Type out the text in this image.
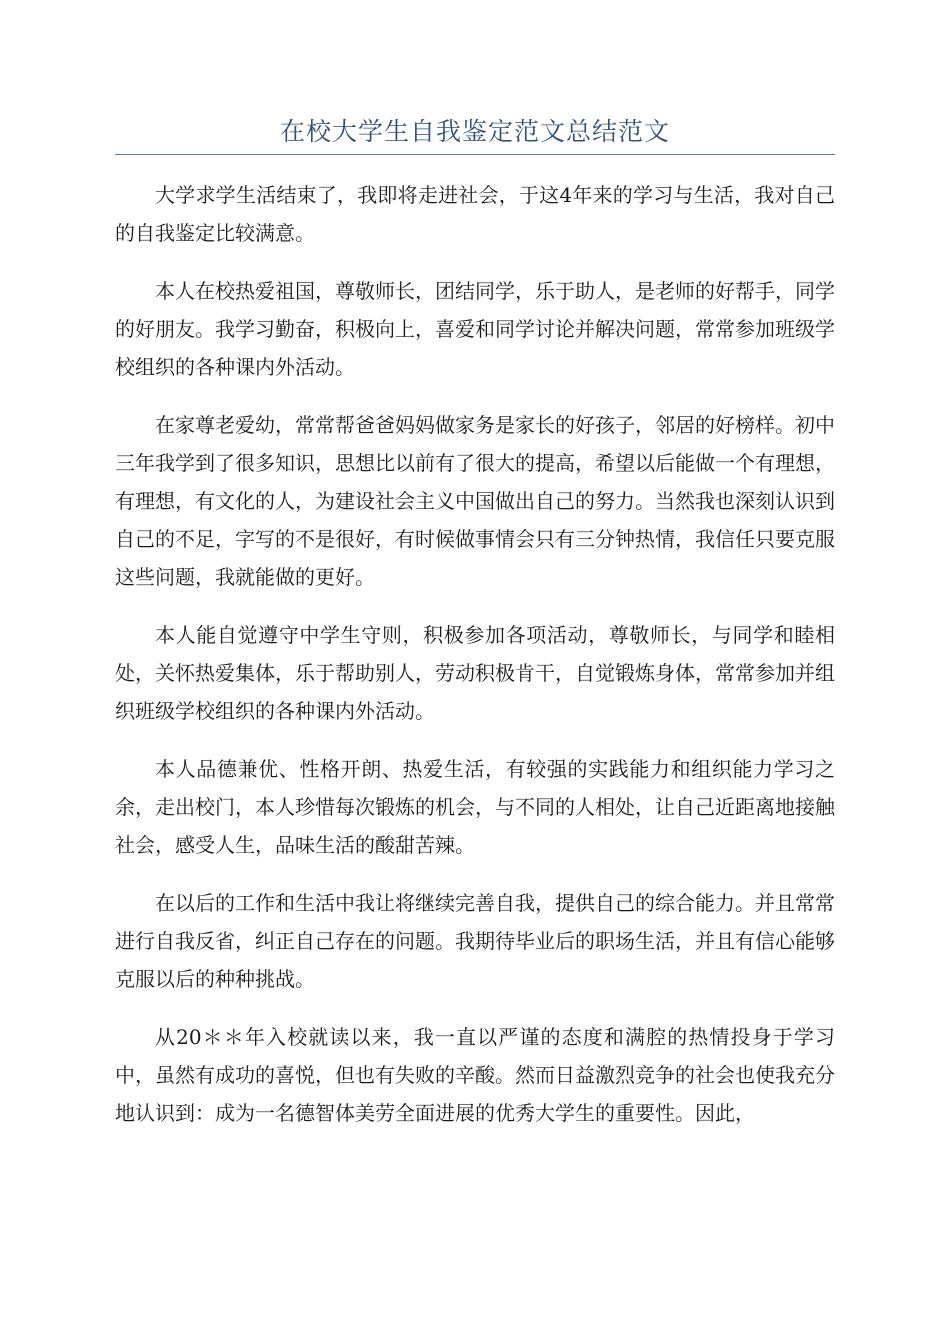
在校大学生自我鉴定范文总结范文

大学求学生活结束了，我即将走进社会，于这4年来的学习与生活，我对自己的自我鉴定比较满意。

本人在校热爱祖国，尊敬师长，团结同学，乐于助人，是老师的好帮手，同学的好朋友。我学习勤奋，积极向上，喜爱和同学讨论并解决问题，常常参加班级学校组织的各种课内外活动。

在家尊老爱幼，常常帮爸爸妈妈做家务是家长的好孩子，邻居的好榜样。初中三年我学到了很多知识，思想比以前有了很大的提高，希望以后能做一个有理想，有理想，有文化的人，为建设社会主义中国做出自己的努力。当然我也深刻认识到自己的不足，字写的不是很好，有时候做事情会只有三分钟热情，我信任只要克服这些问题，我就能做的更好。

本人能自觉遵守中学生守则，积极参加各项活动，尊敬师长，与同学和睦相处，关怀热爱集体，乐于帮助别人，劳动积极肯干，自觉锻炼身体，常常参加并组织班级学校组织的各种课内外活动。

本人品德兼优、性格开朗、热爱生活，有较强的实践能力和组织能力学习之余，走出校门，本人珍惜每次锻炼的机会，与不同的人相处，让自己近距离地接触社会，感受人生，品味生活的酸甜苦辣。

在以后的工作和生活中我让将继续完善自我，提供自己的综合能力。并且常常进行自我反省，纠正自己存在的问题。我期待毕业后的职场生活，并且有信心能够克服以后的种种挑战。

从20＊＊年入校就读以来，我一直以严谨的态度和满腔的热情投身于学习中，虽然有成功的喜悦，但也有失败的辛酸。然而日益激烈竞争的社会也使我充分地认识到：成为一名德智体美劳全面进展的优秀大学生的重要性。因此，
